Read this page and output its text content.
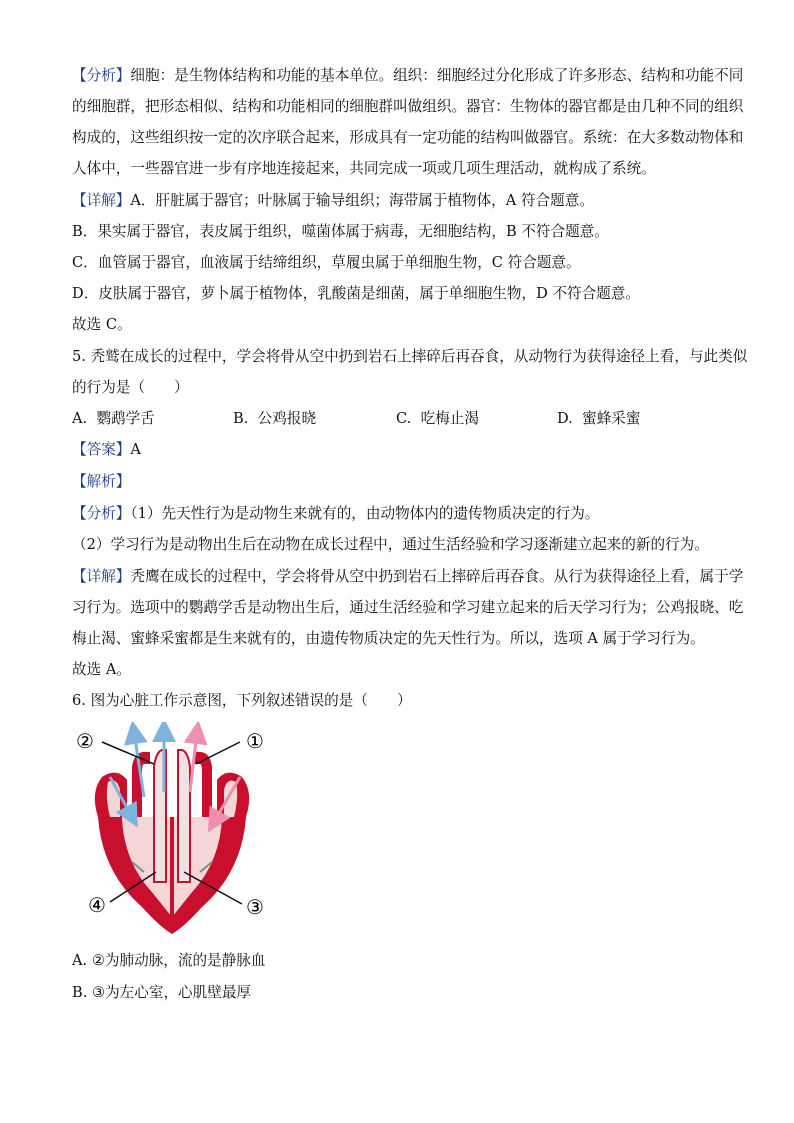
【分析】细胞：是生物体结构和功能的基本单位。组织：细胞经过分化形成了许多形态、结构和功能不同
的细胞群，把形态相似、结构和功能相同的细胞群叫做组织。器官：生物体的器官都是由几种不同的组织
构成的，这些组织按一定的次序联合起来，形成具有一定功能的结构叫做器官。系统：在大多数动物体和
人体中，一些器官进一步有序地连接起来，共同完成一项或几项生理活动，就构成了系统。
【详解】A．肝脏属于器官；叶脉属于输导组织；海带属于植物体，A 符合题意。
B．果实属于器官，表皮属于组织，噬菌体属于病毒，无细胞结构，B 不符合题意。
C．血管属于器官，血液属于结缔组织，草履虫属于单细胞生物，C 符合题意。
D．皮肤属于器官，萝卜属于植物体，乳酸菌是细菌，属于单细胞生物，D 不符合题意。
故选 C。
5. 秃鹫在成长的过程中，学会将骨从空中扔到岩石上摔碎后再吞食，从动物行为获得途径上看，与此类似
的行为是（　　）
A. 鹦鹉学舌	B. 公鸡报晓	C. 吃梅止渴	D. 蜜蜂采蜜
【答案】A
【解析】
【分析】（1）先天性行为是动物生来就有的，由动物体内的遗传物质决定的行为。
（2）学习行为是动物出生后在动物在成长过程中，通过生活经验和学习逐渐建立起来的新的行为。
【详解】秃鹰在成长的过程中，学会将骨从空中扔到岩石上摔碎后再吞食。从行为获得途径上看，属于学
习行为。选项中的鹦鹉学舌是动物出生后，通过生活经验和学习建立起来的后天学习行为；公鸡报晓、吃
梅止渴、蜜蜂采蜜都是生来就有的，由遗传物质决定的先天性行为。所以，选项 A 属于学习行为。
故选 A。
6. 图为心脏工作示意图，下列叙述错误的是（　　）
②	①
④	③
A. ②为肺动脉，流的是静脉血
B. ③为左心室，心肌壁最厚
